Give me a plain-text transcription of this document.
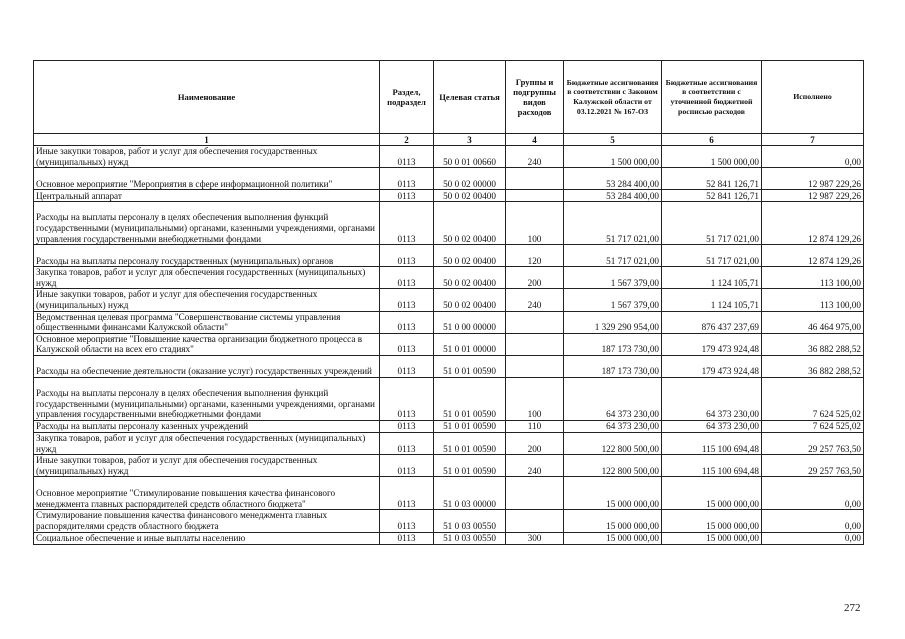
Наименование	Раздел, подраздел	Целевая статья	Группы и подгруппы видов расходов	Бюджетные ассигнования в соответствии с Законом Калужской области от 03.12.2021 № 167-ОЗ	Бюджетные ассигнования в соответствии с уточненной бюджетной росписью расходов	Исполнено
1	2	3	4	5	6	7
Иные закупки товаров, работ и услуг для обеспечения государственных (муниципальных) нужд	0113	50 0 01 00660	240	1 500 000,00	1 500 000,00	0,00
Основное мероприятие "Мероприятия в сфере информационной политики"	0113	50 0 02 00000		53 284 400,00	52 841 126,71	12 987 229,26
Центральный аппарат	0113	50 0 02 00400		53 284 400,00	52 841 126,71	12 987 229,26
Расходы на выплаты персоналу в целях обеспечения выполнения функций государственными (муниципальными) органами, казенными учреждениями, органами управления государственными внебюджетными фондами	0113	50 0 02 00400	100	51 717 021,00	51 717 021,00	12 874 129,26
Расходы на выплаты персоналу государственных (муниципальных) органов	0113	50 0 02 00400	120	51 717 021,00	51 717 021,00	12 874 129,26
Закупка товаров, работ и услуг для обеспечения государственных (муниципальных) нужд	0113	50 0 02 00400	200	1 567 379,00	1 124 105,71	113 100,00
Иные закупки товаров, работ и услуг для обеспечения государственных (муниципальных) нужд	0113	50 0 02 00400	240	1 567 379,00	1 124 105,71	113 100,00
Ведомственная целевая программа "Совершенствование системы управления общественными финансами Калужской области"	0113	51 0 00 00000		1 329 290 954,00	876 437 237,69	46 464 975,00
Основное мероприятие "Повышение качества организации бюджетного процесса в Калужской области на всех его стадиях"	0113	51 0 01 00000		187 173 730,00	179 473 924,48	36 882 288,52
Расходы на обеспечение деятельности (оказание услуг) государственных учреждений	0113	51 0 01 00590		187 173 730,00	179 473 924,48	36 882 288,52
Расходы на выплаты персоналу в целях обеспечения выполнения функций государственными (муниципальными) органами, казенными учреждениями, органами управления государственными внебюджетными фондами	0113	51 0 01 00590	100	64 373 230,00	64 373 230,00	7 624 525,02
Расходы на выплаты персоналу казенных учреждений	0113	51 0 01 00590	110	64 373 230,00	64 373 230,00	7 624 525,02
Закупка товаров, работ и услуг для обеспечения государственных (муниципальных) нужд	0113	51 0 01 00590	200	122 800 500,00	115 100 694,48	29 257 763,50
Иные закупки товаров, работ и услуг для обеспечения государственных (муниципальных) нужд	0113	51 0 01 00590	240	122 800 500,00	115 100 694,48	29 257 763,50
Основное мероприятие "Стимулирование повышения качества финансового менеджмента главных распорядителей средств областного бюджета"	0113	51 0 03 00000		15 000 000,00	15 000 000,00	0,00
Стимулирование повышения качества финансового менеджмента главных распорядителями средств областного бюджета	0113	51 0 03 00550		15 000 000,00	15 000 000,00	0,00
Социальное обеспечение и иные выплаты населению	0113	51 0 03 00550	300	15 000 000,00	15 000 000,00	0,00
272
